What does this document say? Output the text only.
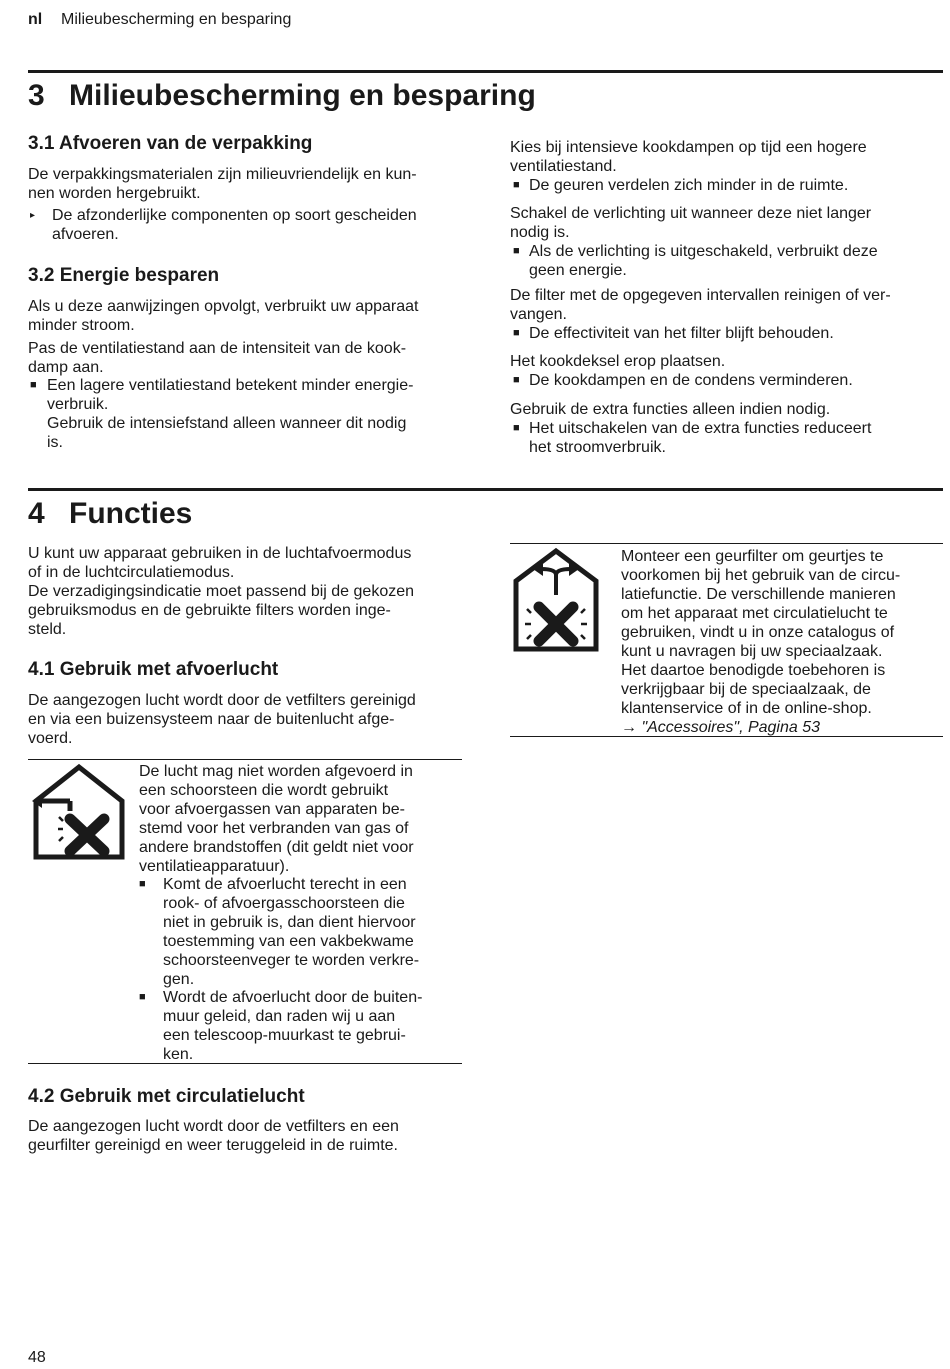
nl Milieubescherming en besparing
3 Milieubescherming en besparing
3.1 Afvoeren van de verpakking
De verpakkingsmaterialen zijn milieuvriendelijk en kun-
nen worden hergebruikt.
▸ De afzonderlijke componenten op soort gescheiden
afvoeren.
3.2 Energie besparen
Als u deze aanwijzingen opvolgt, verbruikt uw apparaat
minder stroom.
Pas de ventilatiestand aan de intensiteit van de kook-
damp aan.
■ Een lagere ventilatiestand betekent minder energie-
verbruik.
Gebruik de intensiefstand alleen wanneer dit nodig
is.
Kies bij intensieve kookdampen op tijd een hogere
ventilatiestand.
■ De geuren verdelen zich minder in de ruimte.
Schakel de verlichting uit wanneer deze niet langer
nodig is.
■ Als de verlichting is uitgeschakeld, verbruikt deze
geen energie.
De filter met de opgegeven intervallen reinigen of ver-
vangen.
■ De effectiviteit van het filter blijft behouden.
Het kookdeksel erop plaatsen.
■ De kookdampen en de condens verminderen.
Gebruik de extra functies alleen indien nodig.
■ Het uitschakelen van de extra functies reduceert
het stroomverbruik.
4 Functies
U kunt uw apparaat gebruiken in de luchtafvoermodus
of in de luchtcirculatiemodus.
De verzadigingsindicatie moet passend bij de gekozen
gebruiksmodus en de gebruikte filters worden inge-
steld.
4.1 Gebruik met afvoerlucht
De aangezogen lucht wordt door de vetfilters gereinigd
en via een buizensysteem naar de buitenlucht afge-
voerd.
De lucht mag niet worden afgevoerd in
een schoorsteen die wordt gebruikt
voor afvoergassen van apparaten be-
stemd voor het verbranden van gas of
andere brandstoffen (dit geldt niet voor
ventilatieapparatuur).
■ Komt de afvoerlucht terecht in een
rook- of afvoergasschoorsteen die
niet in gebruik is, dan dient hiervoor
toestemming van een vakbekwame
schoorsteenveger te worden verkre-
gen.
■ Wordt de afvoerlucht door de buiten-
muur geleid, dan raden wij u aan
een telescoop-muurkast te gebrui-
ken.
4.2 Gebruik met circulatielucht
De aangezogen lucht wordt door de vetfilters en een
geurfilter gereinigd en weer teruggeleid in de ruimte.
Monteer een geurfilter om geurtjes te
voorkomen bij het gebruik van de circu-
latiefunctie. De verschillende manieren
om het apparaat met circulatielucht te
gebruiken, vindt u in onze catalogus of
kunt u navragen bij uw speciaalzaak.
Het daartoe benodigde toebehoren is
verkrijgbaar bij de speciaalzaak, de
klantenservice of in de online-shop.
→ "Accessoires", Pagina 53
48
